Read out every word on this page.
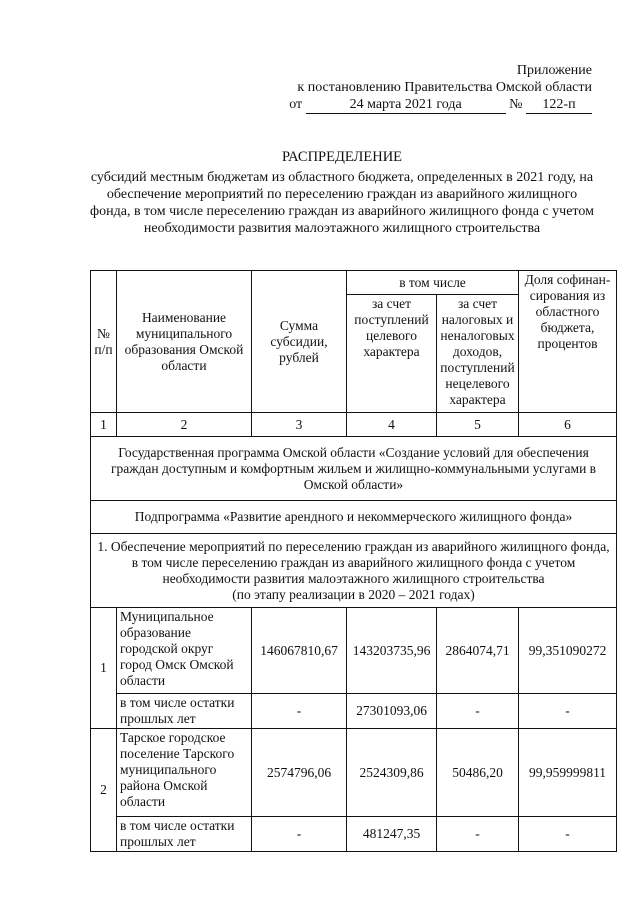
Приложение
к постановлению Правительства Омской области
от	24 марта 2021 года	№ 122-п
РАСПРЕДЕЛЕНИЕ
субсидий местным бюджетам из областного бюджета, определенных в 2021 году, на обеспечение мероприятий по переселению граждан из аварийного жилищного фонда, в том числе переселению граждан из аварийного жилищного фонда с учетом необходимости развития малоэтажного жилищного строительства
№ п/п	Наименование муниципального образования Омской области	Сумма субсидии, рублей	в том числе		Доля софинан- сирования из областного бюджета, процентов
			за счет поступлений целевого характера	за счет налоговых и неналоговых доходов, поступлений нецелевого характера	
1	2	3	4	5	6
Государственная программа Омской области «Создание условий для обеспечения граждан доступным и комфортным жильем и жилищно-коммунальными услугами в Омской области»					
Подпрограмма «Развитие арендного и некоммерческого жилищного фонда»					

1. Обеспечение мероприятий по переселению граждан из аварийного жилищного фонда, в том числе переселению граждан из аварийного жилищного фонда с учетом необходимости развития малоэтажного жилищного строительства
(по этапу реализации в 2020 – 2021 годах)					

1	Муниципальное образование городской округ город Омск Омской области	146067810,67	143203735,96	2864074,71	99,351090272
	в том числе остатки прошлых лет	-	27301093,06	-	-
2	Тарское городское поселение Тарского муниципального района Омской области	2574796,06	2524309,86	50486,20	99,959999811
	в том числе остатки прошлых лет	-	481247,35	-	-
